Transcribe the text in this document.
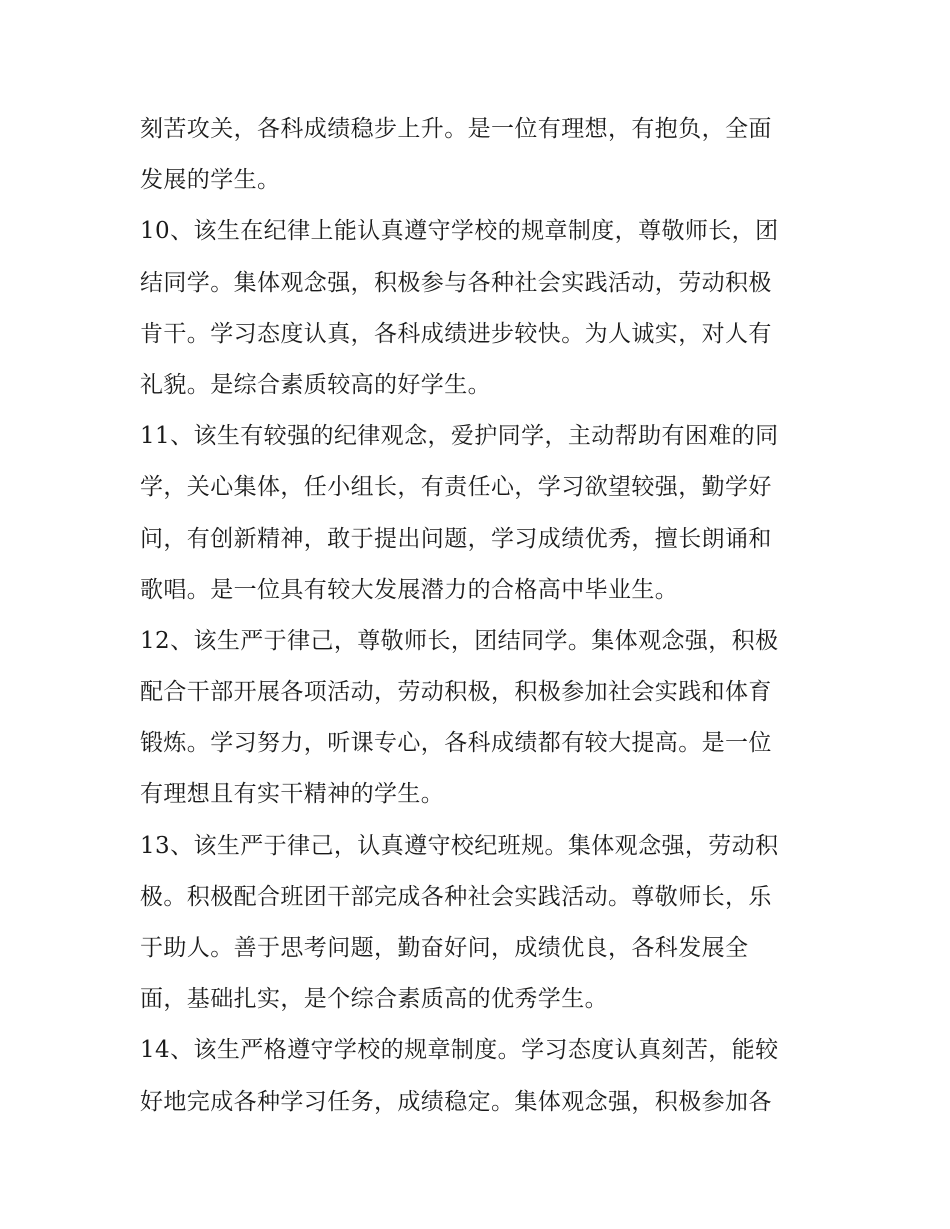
刻苦攻关，各科成绩稳步上升。是一位有理想，有抱负，全面
发展的学生。
10、该生在纪律上能认真遵守学校的规章制度，尊敬师长，团
结同学。集体观念强，积极参与各种社会实践活动，劳动积极
肯干。学习态度认真，各科成绩进步较快。为人诚实，对人有
礼貌。是综合素质较高的好学生。
11、该生有较强的纪律观念，爱护同学，主动帮助有困难的同
学，关心集体，任小组长，有责任心，学习欲望较强，勤学好
问，有创新精神，敢于提出问题，学习成绩优秀，擅长朗诵和
歌唱。是一位具有较大发展潜力的合格高中毕业生。
12、该生严于律己，尊敬师长，团结同学。集体观念强，积极
配合干部开展各项活动，劳动积极，积极参加社会实践和体育
锻炼。学习努力，听课专心，各科成绩都有较大提高。是一位
有理想且有实干精神的学生。
13、该生严于律己，认真遵守校纪班规。集体观念强，劳动积
极。积极配合班团干部完成各种社会实践活动。尊敬师长，乐
于助人。善于思考问题，勤奋好问，成绩优良，各科发展全
面，基础扎实，是个综合素质高的优秀学生。
14、该生严格遵守学校的规章制度。学习态度认真刻苦，能较
好地完成各种学习任务，成绩稳定。集体观念强，积极参加各
